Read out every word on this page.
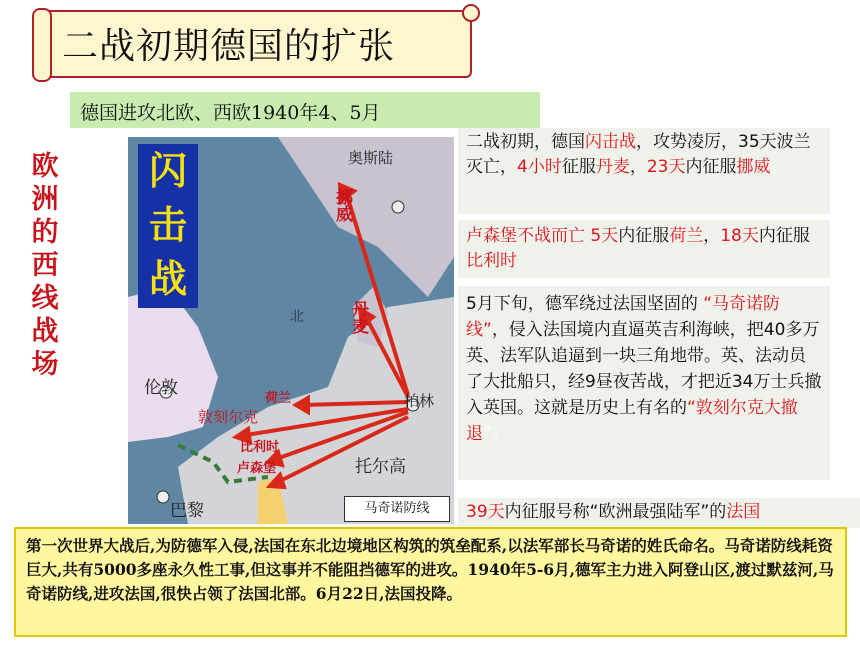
二战初期德国的扩张
德国进攻北欧、西欧1940年4、5月
欧洲的西线战场
闪击战
奥斯陆
挪威
丹麦
柏林
伦敦
巴黎
托尔高
北
荷兰
敦刻尔克
比利时
卢森堡
马奇诺防线
二战初期，德国闪击战，攻势凌厉，35天波兰灭亡，4小时征服丹麦，23天内征服挪威。
卢森堡不战而亡 5天内征服荷兰，18天内征服比利时。
5月下旬，德军绕过法国坚固的 “马奇诺防线”，侵入法国境内直逼英吉利海峡，把40多万英、法军队追逼到一块三角地带。英、法动员了大批船只，经9昼夜苦战，才把近34万士兵撤入英国。这就是历史上有名的“敦刻尔克大撤退”。
39天内征服号称“欧洲最强陆军”的法国
第一次世界大战后,为防德军入侵,法国在东北边境地区构筑的筑垒配系,以法军部长马奇诺的姓氏命名。马奇诺防线耗资巨大,共有5000多座永久性工事,但这事并不能阻挡德军的进攻。1940年5-6月,德军主力进入阿登山区,渡过默兹河,马奇诺防线,进攻法国,很快占领了法国北部。6月22日,法国投降。
